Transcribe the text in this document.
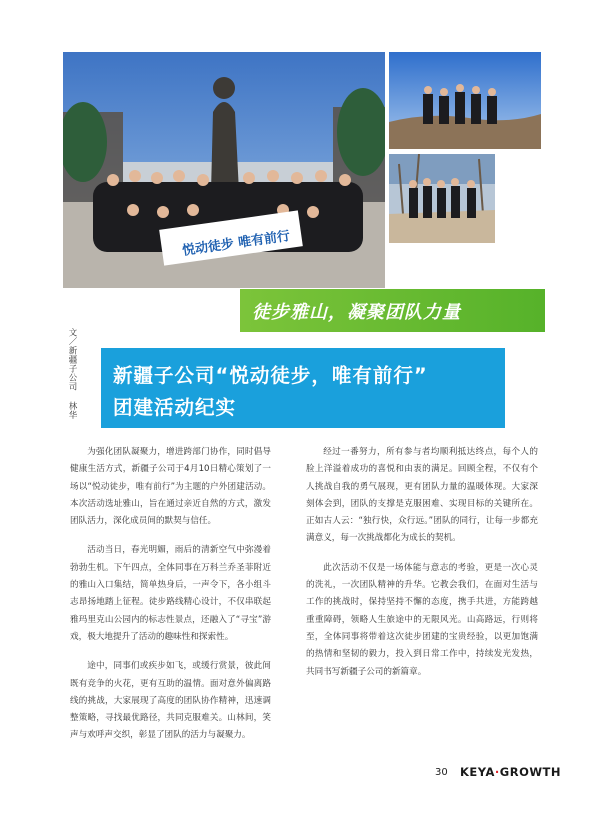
悦动徒步 唯有前行
徒步雅山，凝聚团队力量
文／新疆子公司 林华 新疆子公司“悦动徒步，唯有前行”
团建活动纪实

为强化团队凝聚力，增进跨部门协作，同时倡导健康生活方式，新疆子公司于4月10日精心策划了一场以“悦动徒步，唯有前行”为主题的户外团建活动。本次活动选址雅山，旨在通过亲近自然的方式，激发团队活力，深化成员间的默契与信任。

活动当日，春光明媚，雨后的清新空气中弥漫着勃勃生机。下午四点，全体同事在万科兰乔圣菲附近的雅山入口集结，简单热身后，一声令下，各小组斗志昂扬地踏上征程。徒步路线精心设计，不仅串联起雅玛里克山公园内的标志性景点，还融入了“寻宝”游戏，极大地提升了活动的趣味性和探索性。

途中，同事们或疾步如飞，或缓行赏景，彼此间既有竞争的火花，更有互助的温情。面对意外偏离路线的挑战，大家展现了高度的团队协作精神，迅速调整策略，寻找最优路径，共同克服难关。山林间，笑声与欢呼声交织，彰显了团队的活力与凝聚力。

经过一番努力，所有参与者均顺利抵达终点，每个人的脸上洋溢着成功的喜悦和由衷的满足。回顾全程，不仅有个人挑战自我的勇气展现，更有团队力量的温暖体现。大家深刻体会到，团队的支撑是克服困难、实现目标的关键所在。正如古人云：“独行快，众行远。”团队的同行，让每一步都充满意义，每一次挑战都化为成长的契机。

此次活动不仅是一场体能与意志的考验，更是一次心灵的洗礼，一次团队精神的升华。它教会我们，在面对生活与工作的挑战时，保持坚持不懈的态度，携手共进，方能跨越重重障碍，领略人生旅途中的无限风光。山高路远，行则将至，全体同事将带着这次徒步团建的宝贵经验，以更加饱满的热情和坚韧的毅力，投入到日常工作中，持续发光发热，共同书写新疆子公司的新篇章。

30 KEYA·GROWTH
